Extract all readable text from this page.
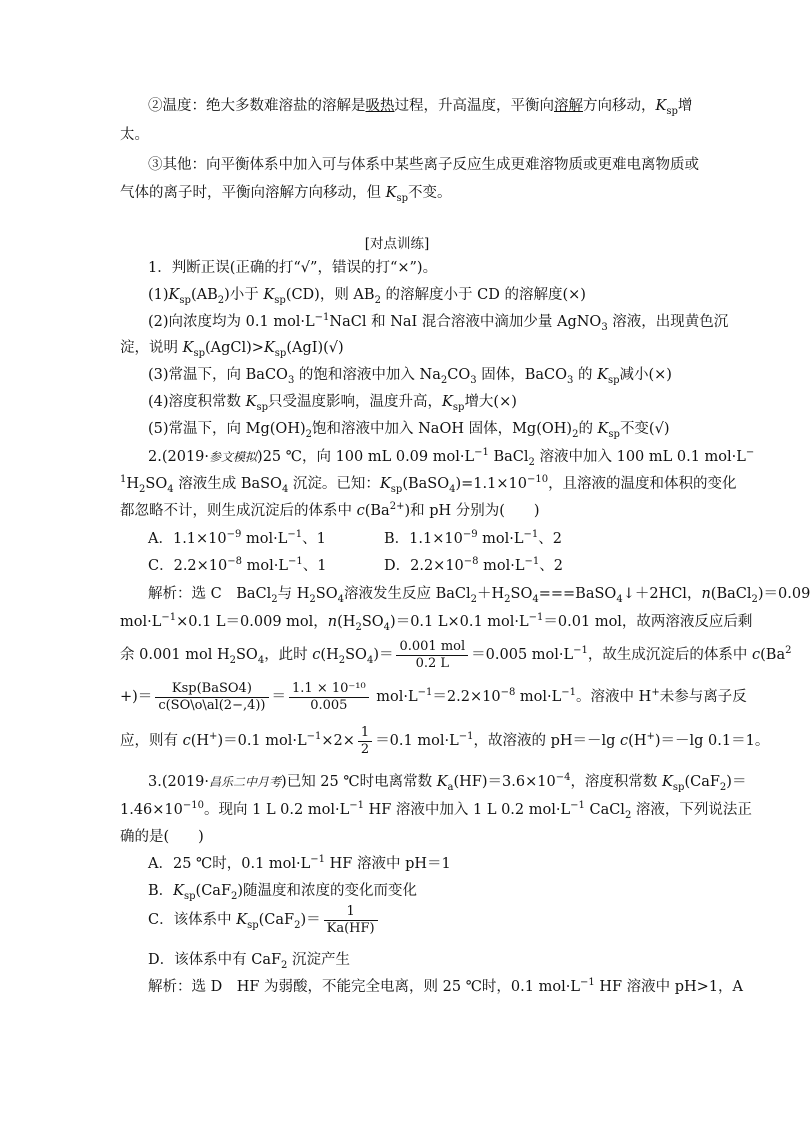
②温度：绝大多数难溶盐的溶解是吸热过程，升高温度，平衡向溶解方向移动，$K_{sp}$增
太。
③其他：向平衡体系中加入可与体系中某些离子反应生成更难溶物质或更难电离物质或
气体的离子时，平衡向溶解方向移动，但 $K_{sp}$不变。
[对点训练]
1．判断正误(正确的打“√”，错误的打“×”)。
$(1)K_{sp}(AB_2)$小于 $K_{sp}(CD)$，则 $AB_2$ 的溶解度小于 CD 的溶解度(×)
(2)向浓度均为 0.1 $mol\cdot L^{-1}NaCl$ 和 NaI 混合溶液中滴加少量 AgNO$_3$ 溶液，出现黄色沉
淀，说明 $K_{sp}(AgCl)>K_{sp}(AgI)(√)$
(3)常温下，向 BaCO$_3$ 的饱和溶液中加入 $Na_2CO_3$ 固体，BaCO$_3$ 的 $K_{sp}$减小(×)
(4)溶度积常数 $K_{sp}$只受温度影响，温度升高，$K_{sp}$增大(×)
(5)常温下，向 $Mg(OH)_2$饱和溶液中加入 NaOH 固体，$Mg(OH)_2$的 $K_{sp}$不变(√)
2.(2019·参文模拟)25 ℃，向 100 mL 0.09 $mol\cdot L^{-1}$ BaCl$_2$ 溶液中加入 100 mL 0.1 mol·L−
$^1H_2SO_4$ 溶液生成 BaSO$_4$ 沉淀。已知：$K_{sp}(BaSO_4)=1.1\times 10^{-10}$，且溶液的温度和体积的变化
都忽略不计，则生成沉淀后的体系中 $c(Ba^{2+})$和 pH 分别为(　　)
A．$1.1\times 10^{-9}$ $mol\cdot L^{-1}$、1	B．$1.1\times 10^{-9}$ $mol\cdot L^{-1}$、2
C．$2.2\times 10^{-8}$ $mol\cdot L^{-1}$、1	D．$2.2\times 10^{-8}$ $mol\cdot L^{-1}$、2
解析：选 C　BaCl$_2$与 $H_2SO_4$溶液发生反应 $BaCl_2+H_2SO_4===BaSO_4↓+2HCl$，n(BaCl$_2$)＝0.09
$mol\cdot L^{-1}\times 0.1$ L＝0.009 mol，$n(H_2SO_4)=0.1$ L×0.1 $mol\cdot L^{-1}=0.01$ mol，故两溶液反应后剩
余 0.001 mol $H_2SO_4$，此时 $c(H_2SO_4)= \frac{\text{0.001 mol}}{0.2 L} =0.005$ $mol\cdot L^{-1}$，故生成沉淀后的体系中 $c(Ba^2$
+)＝ $\frac{\text{Ksp(BaSO4)}}{c(SO\backslash o\backslash al(2-,4))} = \frac{\text{1.1 × 10⁻¹⁰}}{0.005} mol\cdot L^{-1}=2.2\times 10^{-8}$ $mol\cdot L^{-1}$。溶液中 H+未参与离子反
应，则有 c(H+)＝0.1 $mol\cdot L^{-1}\times 2\times \frac{1}{2} =0.1$ $mol\cdot L^{-1}$，故溶液的 pH＝－lg c(H+)＝－lg 0.1＝1。
3.(2019·昌乐二中月考)已知 25 ℃时电离常数 $K_a(HF)=3.6\times 10^{-4}$，溶度积常数 $K_{sp}(CaF_2)=$
$1.46\times 10^{-10}$。现向 1 L 0.2 $mol\cdot L^{-1}$ HF 溶液中加入 1 L 0.2 $mol\cdot L^{-1}$ CaCl$_2$ 溶液，下列说法正
确的是(　　)
A．25 ℃时，0.1 $mol\cdot L^{-1}$ HF 溶液中 pH＝1
B．$K_{sp}(CaF_2)$随温度和浓度的变化而变化
C．该体系中 $K_{sp}(CaF_2)= \frac{1}{Ka(HF)}$
D．该体系中有 CaF$_2$ 沉淀产生
解析：选 D　HF 为弱酸，不能完全电离，则 25 ℃时，0.1 $mol\cdot L^{-1}$ HF 溶液中 pH>1，A
